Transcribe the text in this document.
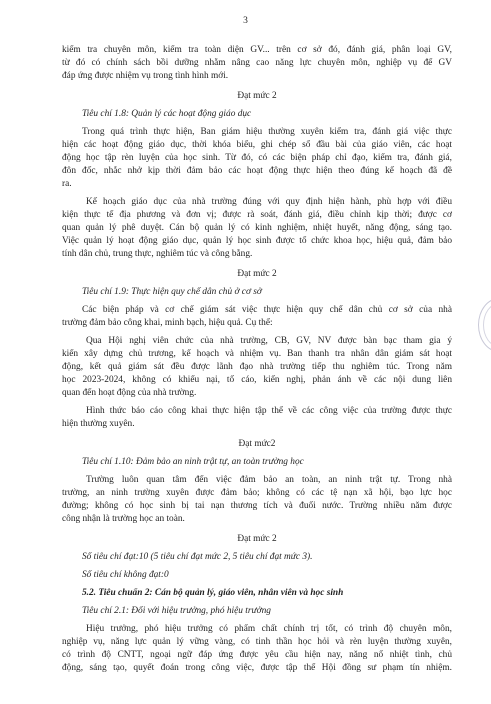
3
kiểm tra chuyên môn, kiểm tra toàn diện GV... trên cơ sở đó, đánh giá, phân loại GV,
từ đó có chính sách bồi dưỡng nhằm nâng cao năng lực chuyên môn, nghiệp vụ để GV
đáp ứng được nhiệm vụ trong tình hình mới.
Đạt mức 2
Tiêu chí 1.8: Quản lý các hoạt động giáo dục
Trong quá trình thực hiện, Ban giám hiệu thường xuyên kiểm tra, đánh giá việc thực
hiện các hoạt động giáo dục, thời khóa biểu, ghi chép sổ đầu bài của giáo viên, các hoạt
động học tập rèn luyện của học sinh. Từ đó, có các biện pháp chỉ đạo, kiểm tra, đánh giá,
đôn đốc, nhắc nhở kịp thời đảm bảo các hoạt động thực hiện theo đúng kế hoạch đã đề
ra.
Kế hoạch giáo dục của nhà trường đúng với quy định hiện hành, phù hợp với điều
kiện thực tế địa phương và đơn vị; được rà soát, đánh giá, điều chỉnh kịp thời; được cơ
quan quản lý phê duyệt. Cán bộ quản lý có kinh nghiệm, nhiệt huyết, năng động, sáng tạo.
Việc quản lý hoạt động giáo dục, quản lý học sinh được tổ chức khoa học, hiệu quả, đảm bảo
tính dân chủ, trung thực, nghiêm túc và công bằng.
Đạt mức 2
Tiêu chí 1.9: Thực hiện quy chế dân chủ ở cơ sở
Các biện pháp và cơ chế giám sát việc thực hiện quy chế dân chủ cơ sở của nhà
trường đảm bảo công khai, minh bạch, hiệu quả. Cụ thể:
Qua Hội nghị viên chức của nhà trường, CB, GV, NV được bàn bạc tham gia ý
kiến xây dựng chủ trương, kế hoạch và nhiệm vụ. Ban thanh tra nhân dân giám sát hoạt
động, kết quả giám sát đều được lãnh đạo nhà trường tiếp thu nghiêm túc. Trong năm
học 2023-2024, không có khiếu nại, tố cáo, kiến nghị, phản ánh về các nội dung liên
quan đến hoạt động của nhà trường.
Hình thức báo cáo công khai thực hiện tập thể về các công việc của trường được thực
hiện thường xuyên.
Đạt mức2
Tiêu chí 1.10: Đảm bảo an ninh trật tự, an toàn trường học
Trường luôn quan tâm đến việc đảm bảo an toàn, an ninh trật tự. Trong nhà
trường, an ninh trường xuyên được đảm bảo; không có các tệ nạn xã hội, bạo lực học
đường; không có học sinh bị tai nạn thương tích và đuối nước. Trường nhiều năm được
công nhận là trường học an toàn.
Đạt mức 2
Số tiêu chí đạt:10 (5 tiêu chí đạt mức 2, 5 tiêu chí đạt mức 3).
Số tiêu chí không đạt:0
5.2. Tiêu chuẩn 2: Cán bộ quản lý, giáo viên, nhân viên và học sinh
Tiêu chí 2.1: Đối với hiệu trưởng, phó hiệu trưởng
Hiệu trưởng, phó hiệu trưởng có phẩm chất chính trị tốt, có trình độ chuyên môn,
nghiệp vụ, năng lực quản lý vững vàng, có tinh thần học hỏi và rèn luyện thường xuyên,
có trình độ CNTT, ngoại ngữ đáp ứng được yêu cầu hiện nay, năng nổ nhiệt tình, chủ
động, sáng tạo, quyết đoán trong công việc, được tập thể Hội đồng sư phạm tín nhiệm.
